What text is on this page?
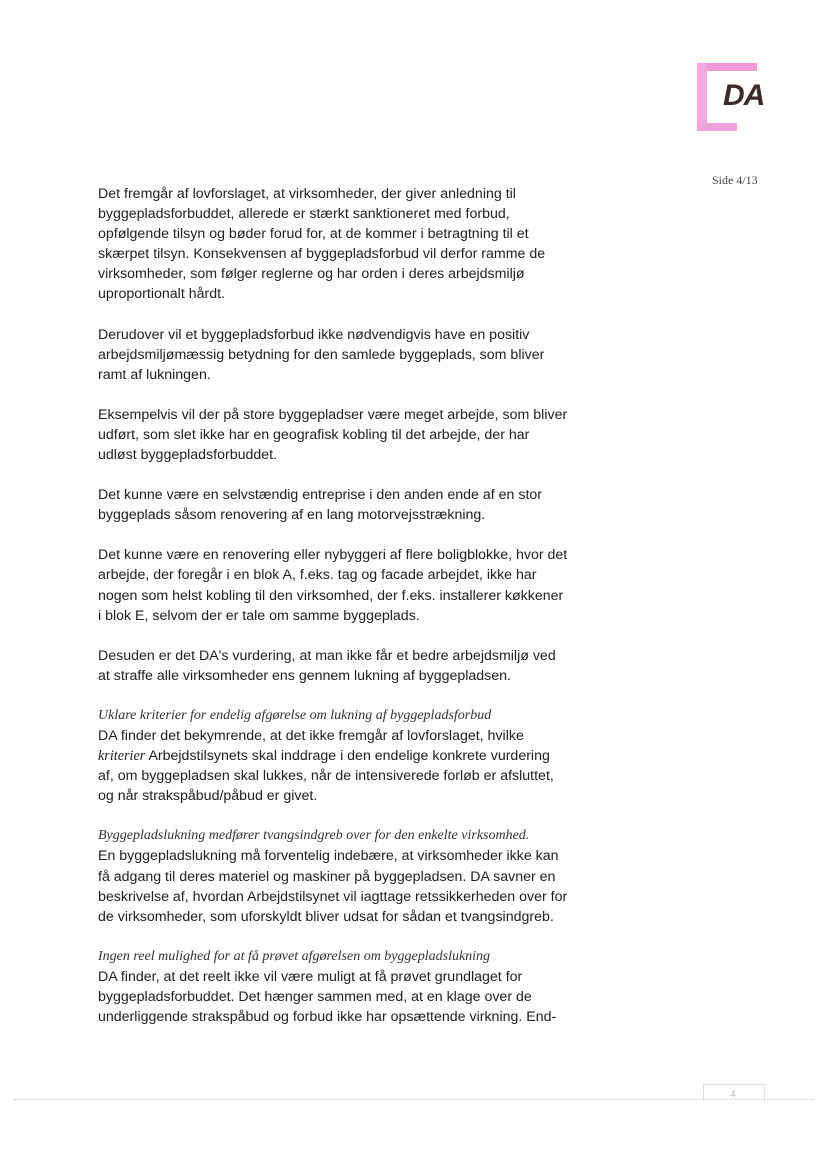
DA
Side 4/13

Det fremgår af lovforslaget, at virksomheder, der giver anledning til byggepladsforbuddet, allerede er stærkt sanktioneret med forbud, opfølgende tilsyn og bøder forud for, at de kommer i betragtning til et skærpet tilsyn. Konsekvensen af byggepladsforbud vil derfor ramme de virksomheder, som følger reglerne og har orden i deres arbejdsmiljø uproportionalt hårdt.

Derudover vil et byggepladsforbud ikke nødvendigvis have en positiv arbejdsmiljømæssig betydning for den samlede byggeplads, som bliver ramt af lukningen.

Eksempelvis vil der på store byggepladser være meget arbejde, som bliver udført, som slet ikke har en geografisk kobling til det arbejde, der har udløst byggepladsforbuddet.

Det kunne være en selvstændig entreprise i den anden ende af en stor byggeplads såsom renovering af en lang motorvejsstrækning.

Det kunne være en renovering eller nybyggeri af flere boligblokke, hvor det arbejde, der foregår i en blok A, f.eks. tag og facade arbejdet, ikke har nogen som helst kobling til den virksomhed, der f.eks. installerer køkkener i blok E, selvom der er tale om samme byggeplads.

Desuden er det DA's vurdering, at man ikke får et bedre arbejdsmiljø ved at straffe alle virksomheder ens gennem lukning af byggepladsen.

Uklare kriterier for endelig afgørelse om lukning af byggepladsforbud
DA finder det bekymrende, at det ikke fremgår af lovforslaget, hvilke kriterier Arbejdstilsynets skal inddrage i den endelige konkrete vurdering af, om byggepladsen skal lukkes, når de intensiverede forløb er afsluttet, og når strakspåbud/påbud er givet.

Byggepladslukning medfører tvangsindgreb over for den enkelte virksomhed.
En byggepladslukning må forventelig indebære, at virksomheder ikke kan få adgang til deres materiel og maskiner på byggepladsen. DA savner en beskrivelse af, hvordan Arbejdstilsynet vil iagttage retssikkerheden over for de virksomheder, som uforskyldt bliver udsat for sådan et tvangsindgreb.

Ingen reel mulighed for at få prøvet afgørelsen om byggepladslukning
DA finder, at det reelt ikke vil være muligt at få prøvet grundlaget for byggepladsforbuddet. Det hænger sammen med, at en klage over de underliggende strakspåbud og forbud ikke har opsættende virkning. End-

4
